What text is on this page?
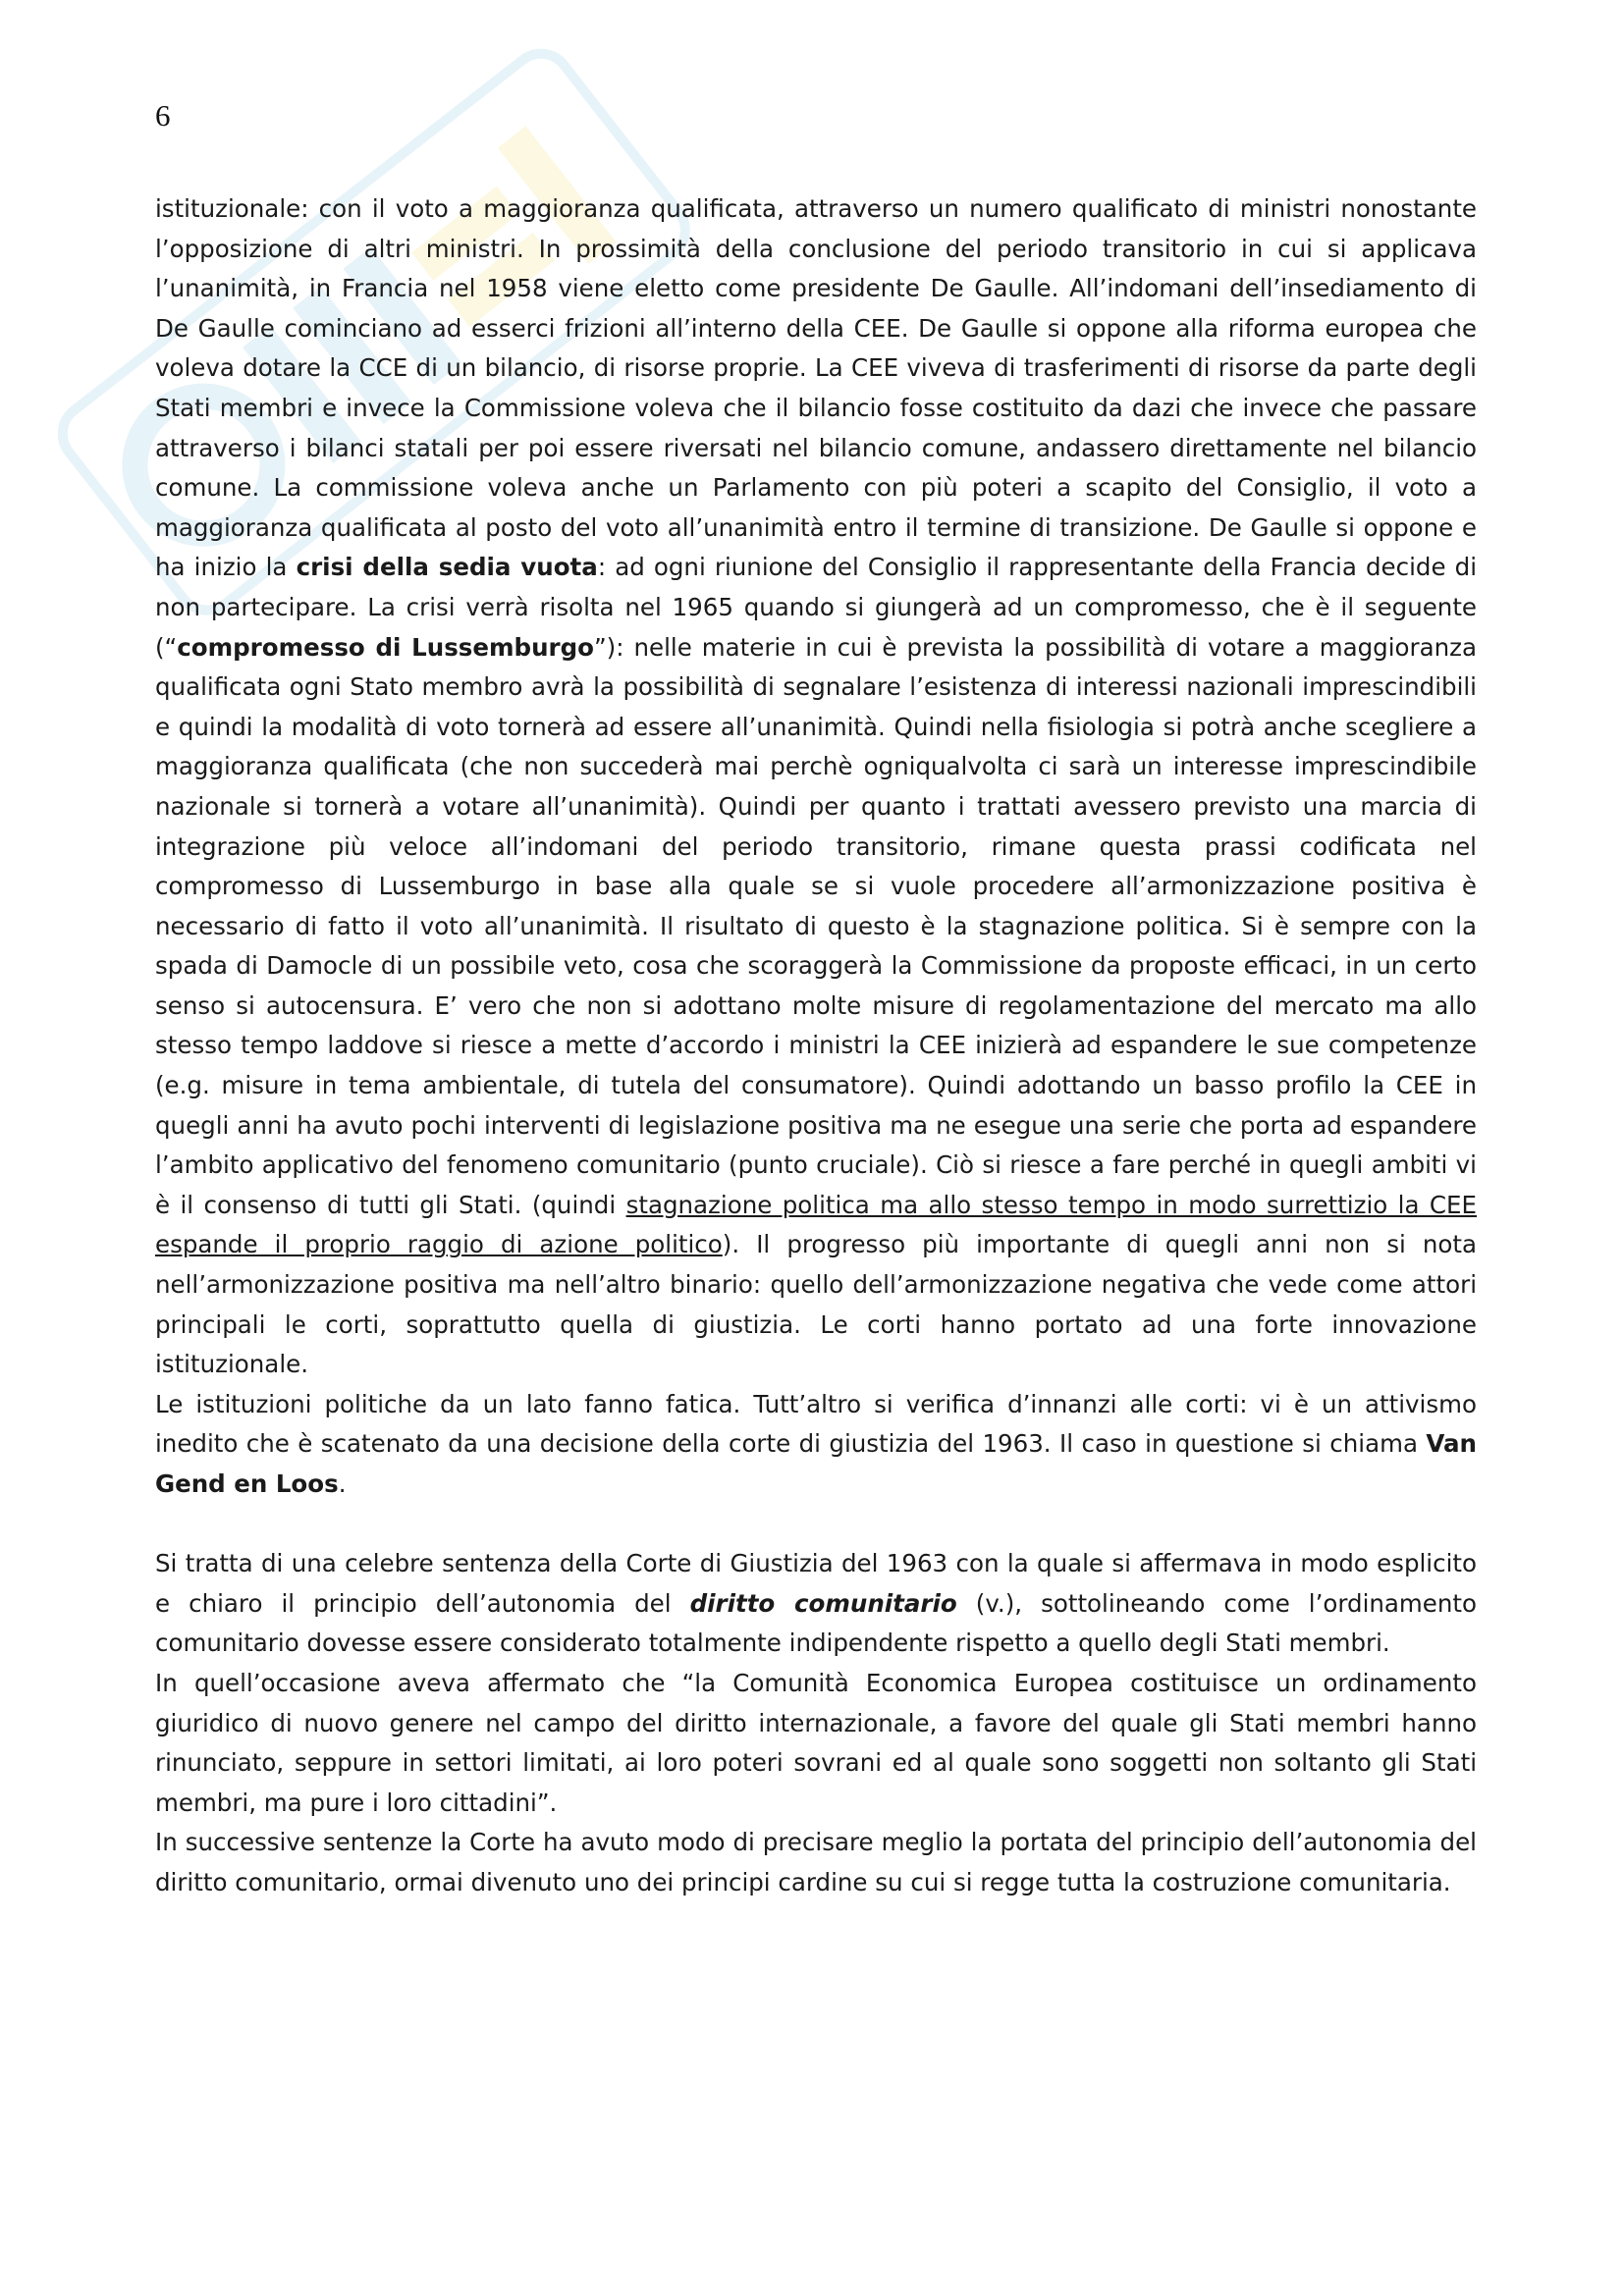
6

istituzionale: con il voto a maggioranza qualificata, attraverso un numero qualificato di ministri nonostante l’opposizione di altri ministri. In prossimità della conclusione del periodo transitorio in cui si applicava l’unanimità, in Francia nel 1958 viene eletto come presidente De Gaulle. All’indomani dell’insediamento di De Gaulle cominciano ad esserci frizioni all’interno della CEE. De Gaulle si oppone alla riforma europea che voleva dotare la CCE di un bilancio, di risorse proprie. La CEE viveva di trasferimenti di risorse da parte degli Stati membri e invece la Commissione voleva che il bilancio fosse costituito da dazi che invece che passare attraverso i bilanci statali per poi essere riversati nel bilancio comune, andassero direttamente nel bilancio comune. La commissione voleva anche un Parlamento con più poteri a scapito del Consiglio, il voto a maggioranza qualificata al posto del voto all’unanimità entro il termine di transizione. De Gaulle si oppone e ha inizio la crisi della sedia vuota: ad ogni riunione del Consiglio il rappresentante della Francia decide di non partecipare. La crisi verrà risolta nel 1965 quando si giungerà ad un compromesso, che è il seguente (“compromesso di Lussemburgo”): nelle materie in cui è prevista la possibilità di votare a maggioranza qualificata ogni Stato membro avrà la possibilità di segnalare l’esistenza di interessi nazionali imprescindibili e quindi la modalità di voto tornerà ad essere all’unanimità. Quindi nella fisiologia si potrà anche scegliere a maggioranza qualificata (che non succederà mai perchè ogniqualvolta ci sarà un interesse imprescindibile nazionale si tornerà a votare all’unanimità). Quindi per quanto i trattati avessero previsto una marcia di integrazione più veloce all’indomani del periodo transitorio, rimane questa prassi codificata nel compromesso di Lussemburgo in base alla quale se si vuole procedere all’armonizzazione positiva è necessario di fatto il voto all’unanimità. Il risultato di questo è la stagnazione politica. Si è sempre con la spada di Damocle di un possibile veto, cosa che scoraggerà la Commissione da proposte efficaci, in un certo senso si autocensura. E’ vero che non si adottano molte misure di regolamentazione del mercato ma allo stesso tempo laddove si riesce a mette d’accordo i ministri la CEE inizierà ad espandere le sue competenze (e.g. misure in tema ambientale, di tutela del consumatore). Quindi adottando un basso profilo la CEE in quegli anni ha avuto pochi interventi di legislazione positiva ma ne esegue una serie che porta ad espandere l’ambito applicativo del fenomeno comunitario (punto cruciale). Ciò si riesce a fare perché in quegli ambiti vi è il consenso di tutti gli Stati. (quindi stagnazione politica ma allo stesso tempo in modo surrettizio la CEE espande il proprio raggio di azione politico). Il progresso più importante di quegli anni non si nota nell’armonizzazione positiva ma nell’altro binario: quello dell’armonizzazione negativa che vede come attori principali le corti, soprattutto quella di giustizia. Le corti hanno portato ad una forte innovazione istituzionale.

Le istituzioni politiche da un lato fanno fatica. Tutt’altro si verifica d’innanzi alle corti: vi è un attivismo inedito che è scatenato da una decisione della corte di giustizia del 1963. Il caso in questione si chiama Van Gend en Loos.

Si tratta di una celebre sentenza della Corte di Giustizia del 1963 con la quale si affermava in modo esplicito e chiaro il principio dell’autonomia del diritto comunitario (v.), sottolineando come l’ordinamento comunitario dovesse essere considerato totalmente indipendente rispetto a quello degli Stati membri.

In quell’occasione aveva affermato che “la Comunità Economica Europea costituisce un ordinamento giuridico di nuovo genere nel campo del diritto internazionale, a favore del quale gli Stati membri hanno rinunciato, seppure in settori limitati, ai loro poteri sovrani ed al quale sono soggetti non soltanto gli Stati membri, ma pure i loro cittadini”.

In successive sentenze la Corte ha avuto modo di precisare meglio la portata del principio dell’autonomia del diritto comunitario, ormai divenuto uno dei principi cardine su cui si regge tutta la costruzione comunitaria.
